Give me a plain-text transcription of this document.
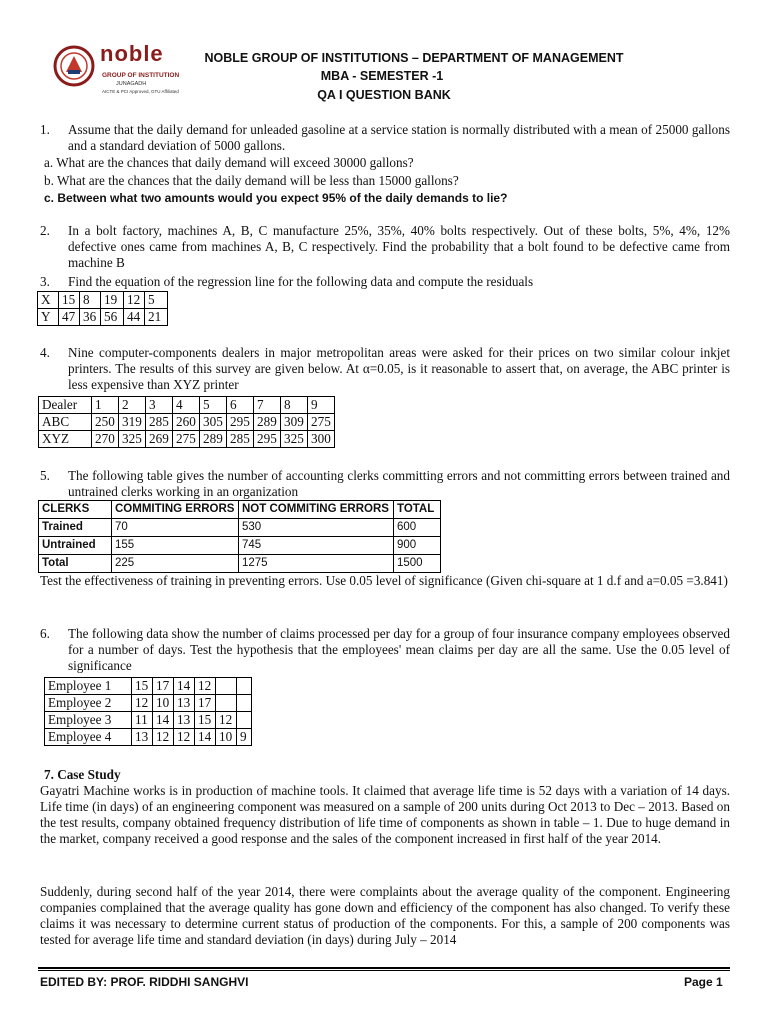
noble
GROUP OF INSTITUTION
JUNAGADH
AICTE & PCI Approved, GTU Affiliated
NOBLE GROUP OF INSTITUTIONS – DEPARTMENT OF MANAGEMENT
MBA - SEMESTER -1
QA I QUESTION BANK
1. Assume that the daily demand for unleaded gasoline at a service station is normally distributed with a mean of 25000 gallons and a standard deviation of 5000 gallons.
a. What are the chances that daily demand will exceed 30000 gallons?
b. What are the chances that the daily demand will be less than 15000 gallons?
c. Between what two amounts would you expect 95% of the daily demands to lie?
2. In a bolt factory, machines A, B, C manufacture 25%, 35%, 40% bolts respectively. Out of these bolts, 5%, 4%, 12% defective ones came from machines A, B, C respectively. Find the probability that a bolt found to be defective came from machine B
3. Find the equation of the regression line for the following data and compute the residuals
X	15	8	19	12	5
Y	47	36	56	44	21
4. Nine computer-components dealers in major metropolitan areas were asked for their prices on two similar colour inkjet printers. The results of this survey are given below. At α=0.05, is it reasonable to assert that, on average, the ABC printer is less expensive than XYZ printer
Dealer	1	2	3	4	5	6	7	8	9
ABC	250	319	285	260	305	295	289	309	275
XYZ	270	325	269	275	289	285	295	325	300
5. The following table gives the number of accounting clerks committing errors and not committing errors between trained and untrained clerks working in an organization
CLERKS	COMMITING ERRORS	NOT COMMITING ERRORS	TOTAL
Trained	70	530	600
Untrained	155	745	900
Total	225	1275	1500
Test the effectiveness of training in preventing errors. Use 0.05 level of significance (Given chi-square at 1 d.f and a=0.05 =3.841)
6. The following data show the number of claims processed per day for a group of four insurance company employees observed for a number of days. Test the hypothesis that the employees' mean claims per day are all the same. Use the 0.05 level of significance
Employee 1	15	17	14	12		
Employee 2	12	10	13	17		
Employee 3	11	14	13	15	12	
Employee 4	13	12	12	14	10	9
7. Case Study
Gayatri Machine works is in production of machine tools. It claimed that average life time is 52 days with a variation of 14 days. Life time (in days) of an engineering component was measured on a sample of 200 units during Oct 2013 to Dec – 2013. Based on the test results, company obtained frequency distribution of life time of components as shown in table – 1. Due to huge demand in the market, company received a good response and the sales of the component increased in first half of the year 2014.
Suddenly, during second half of the year 2014, there were complaints about the average quality of the component. Engineering companies complained that the average quality has gone down and efficiency of the component has also changed. To verify these claims it was necessary to determine current status of production of the components. For this, a sample of 200 components was tested for average life time and standard deviation (in days) during July – 2014
EDITED BY: PROF. RIDDHI SANGHVI	Page 1
